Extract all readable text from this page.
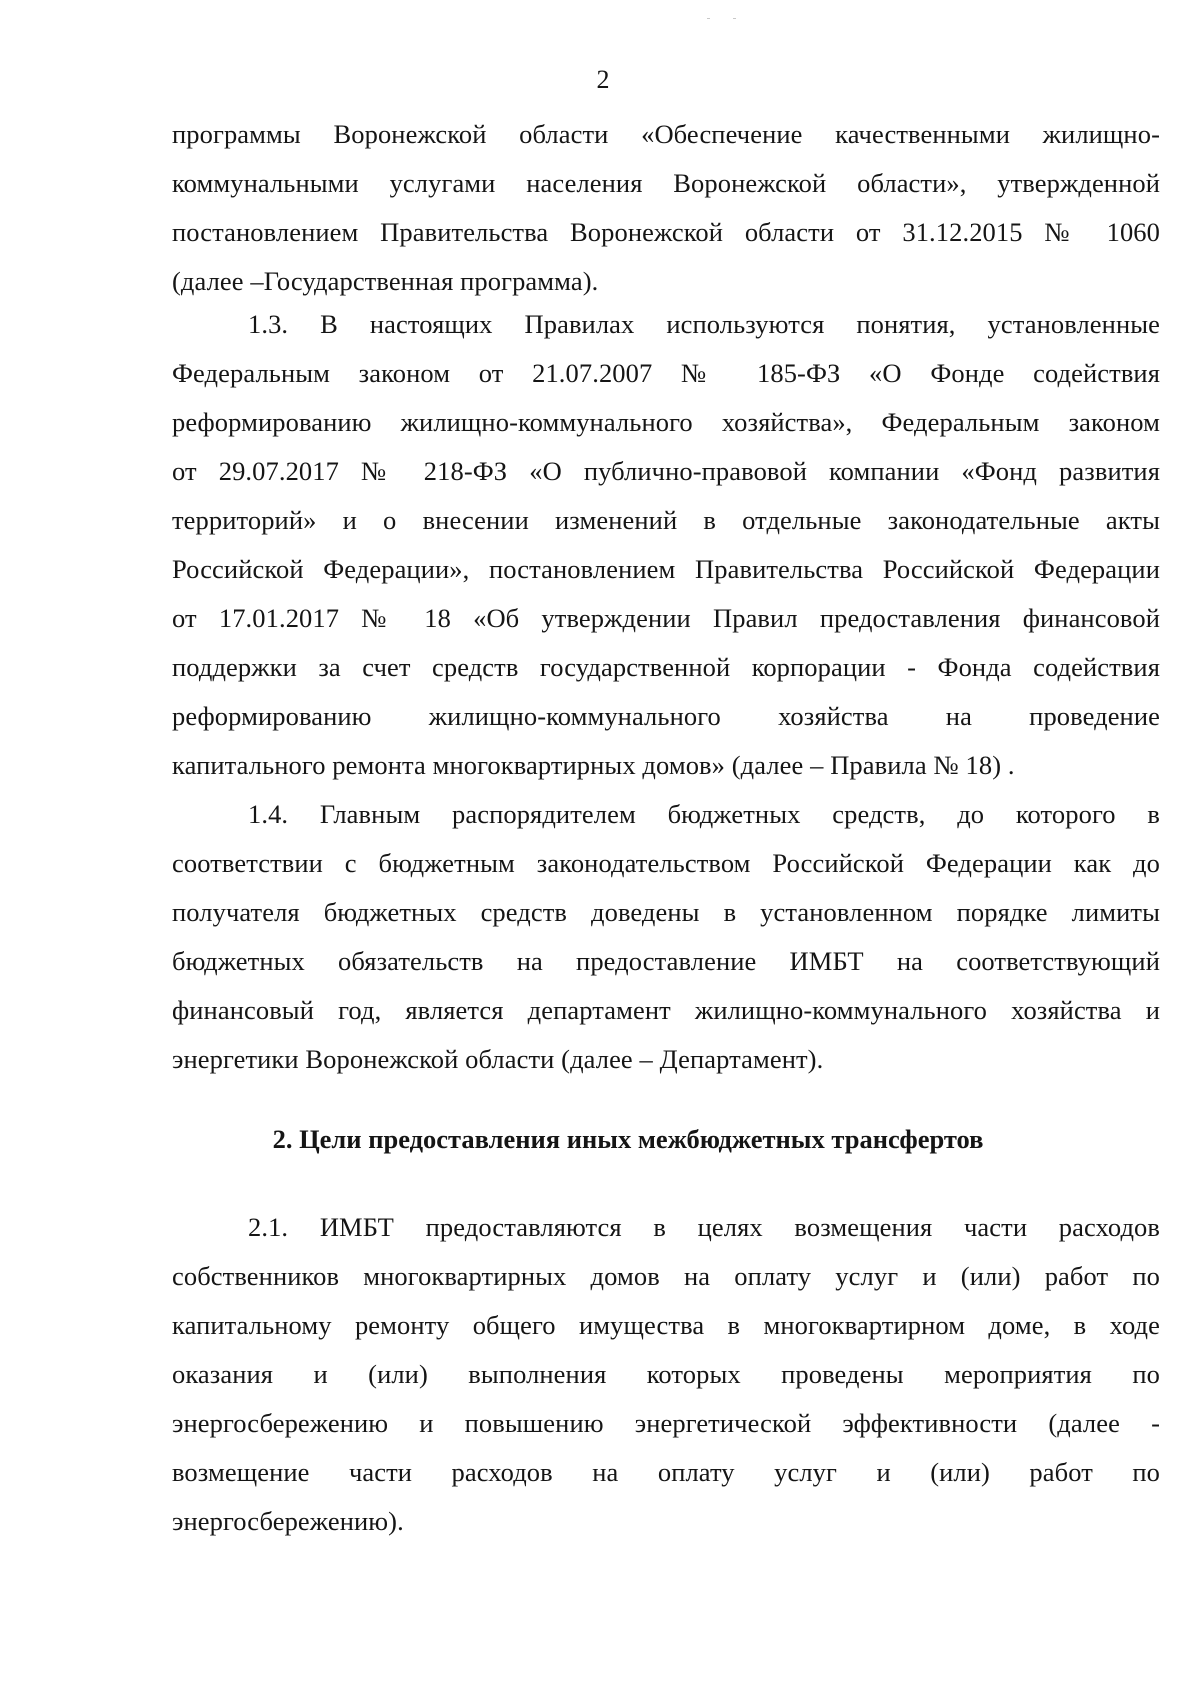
2
программы Воронежской области «Обеспечение качественными жилищно-
коммунальными услугами населения Воронежской области», утвержденной
постановлением Правительства Воронежской области от 31.12.2015 № 1060
(далее –Государственная программа).
1.3. В настоящих Правилах используются понятия, установленные
Федеральным законом от 21.07.2007 № 185-ФЗ «О Фонде содействия
реформированию жилищно-коммунального хозяйства», Федеральным законом
от 29.07.2017 № 218-ФЗ «О публично-правовой компании «Фонд развития
территорий» и о внесении изменений в отдельные законодательные акты
Российской Федерации», постановлением Правительства Российской Федерации
от 17.01.2017 № 18 «Об утверждении Правил предоставления финансовой
поддержки за счет средств государственной корпорации - Фонда содействия
реформированию жилищно-коммунального хозяйства на проведение
капитального ремонта многоквартирных домов» (далее – Правила № 18) .
1.4. Главным распорядителем бюджетных средств, до которого в
соответствии с бюджетным законодательством Российской Федерации как до
получателя бюджетных средств доведены в установленном порядке лимиты
бюджетных обязательств на предоставление ИМБТ на соответствующий
финансовый год, является департамент жилищно-коммунального хозяйства и
энергетики Воронежской области (далее – Департамент).
2. Цели предоставления иных межбюджетных трансфертов
2.1. ИМБТ предоставляются в целях возмещения части расходов
собственников многоквартирных домов на оплату услуг и (или) работ по
капитальному ремонту общего имущества в многоквартирном доме, в ходе
оказания и (или) выполнения которых проведены мероприятия по
энергосбережению и повышению энергетической эффективности (далее -
возмещение части расходов на оплату услуг и (или) работ по
энергосбережению).
